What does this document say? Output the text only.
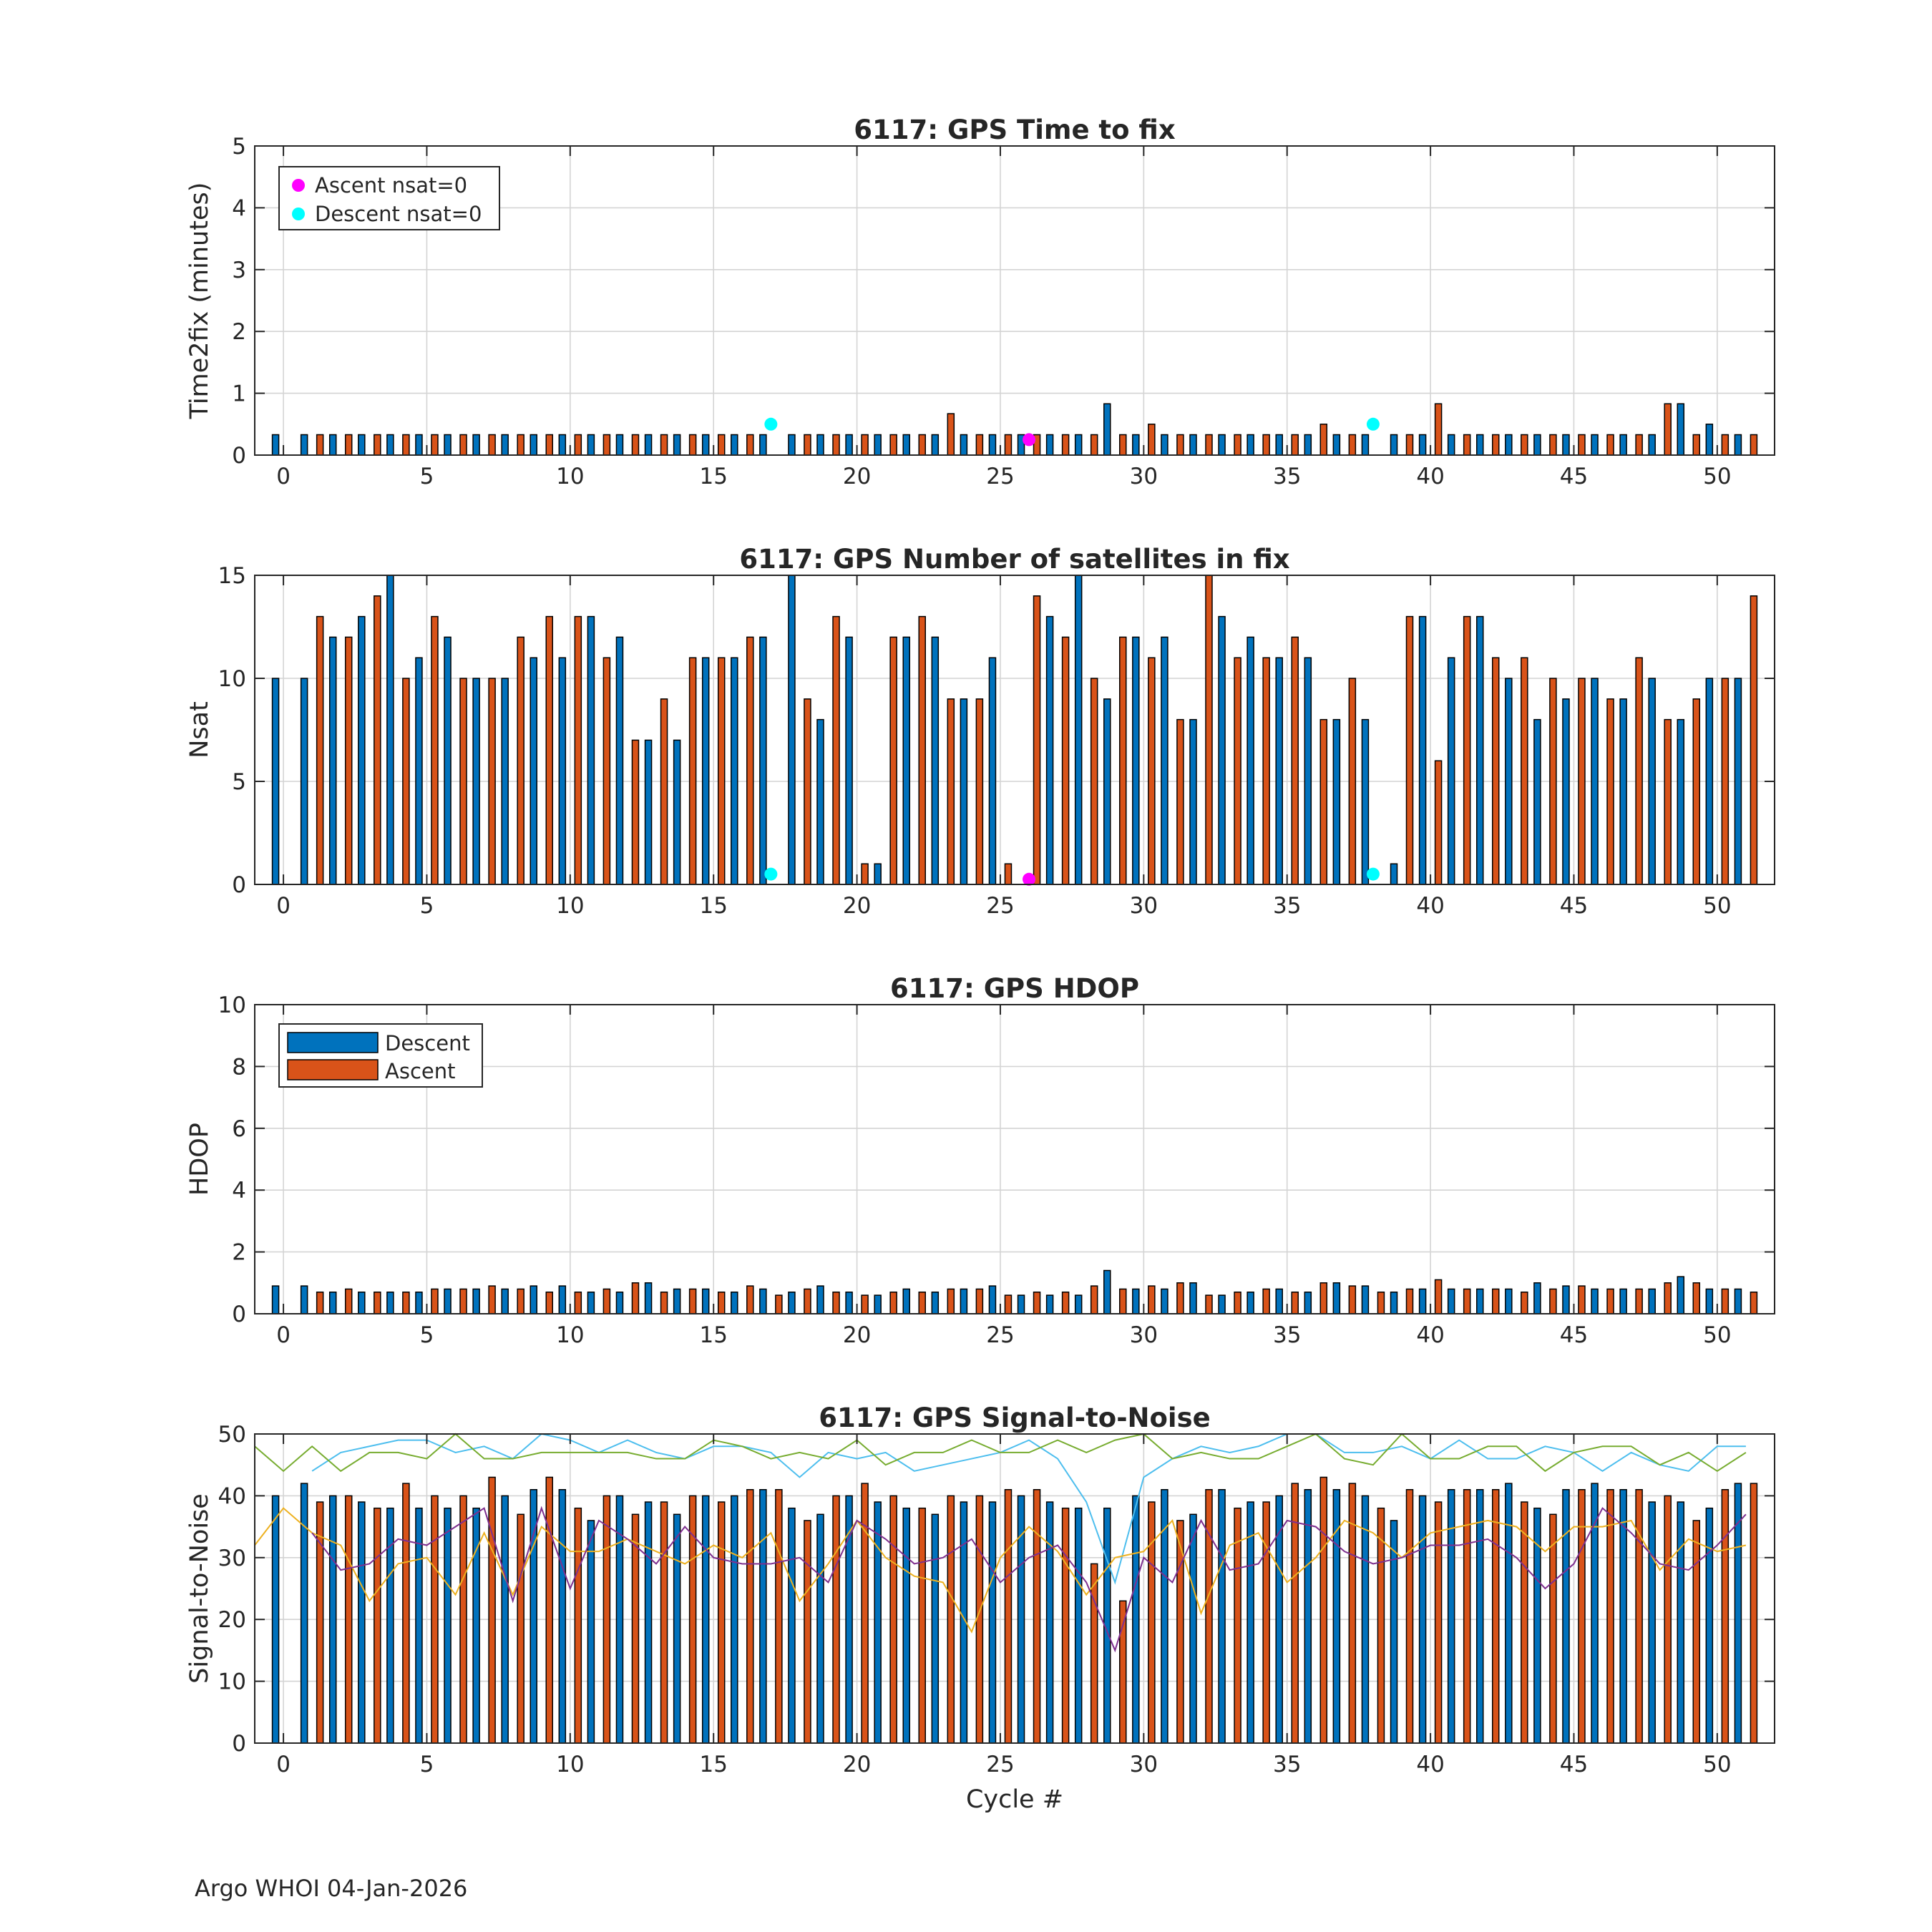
0	5	10	15	20	25	30	35	40	45	50
0
1
2
3
4
5
6117: GPS Time to fix
Time2fix (minutes)	Ascent nsat=0
Descent nsat=0
0	5	10	15	20	25	30	35	40	45	50
0
5
10
15
6117: GPS Number of satellites in fix
Nsat
0	5	10	15	20	25	30	35	40	45	50
0
2
4
6
8
10
6117: GPS HDOP
HDOP
Descent
Ascent
0	5	10	15	20	25	30	35	40	45	50
0
10
20
30
40
50
6117: GPS Signal-to-Noise
Signal-to-Noise
Cycle #
Argo WHOI 04-Jan-2026
